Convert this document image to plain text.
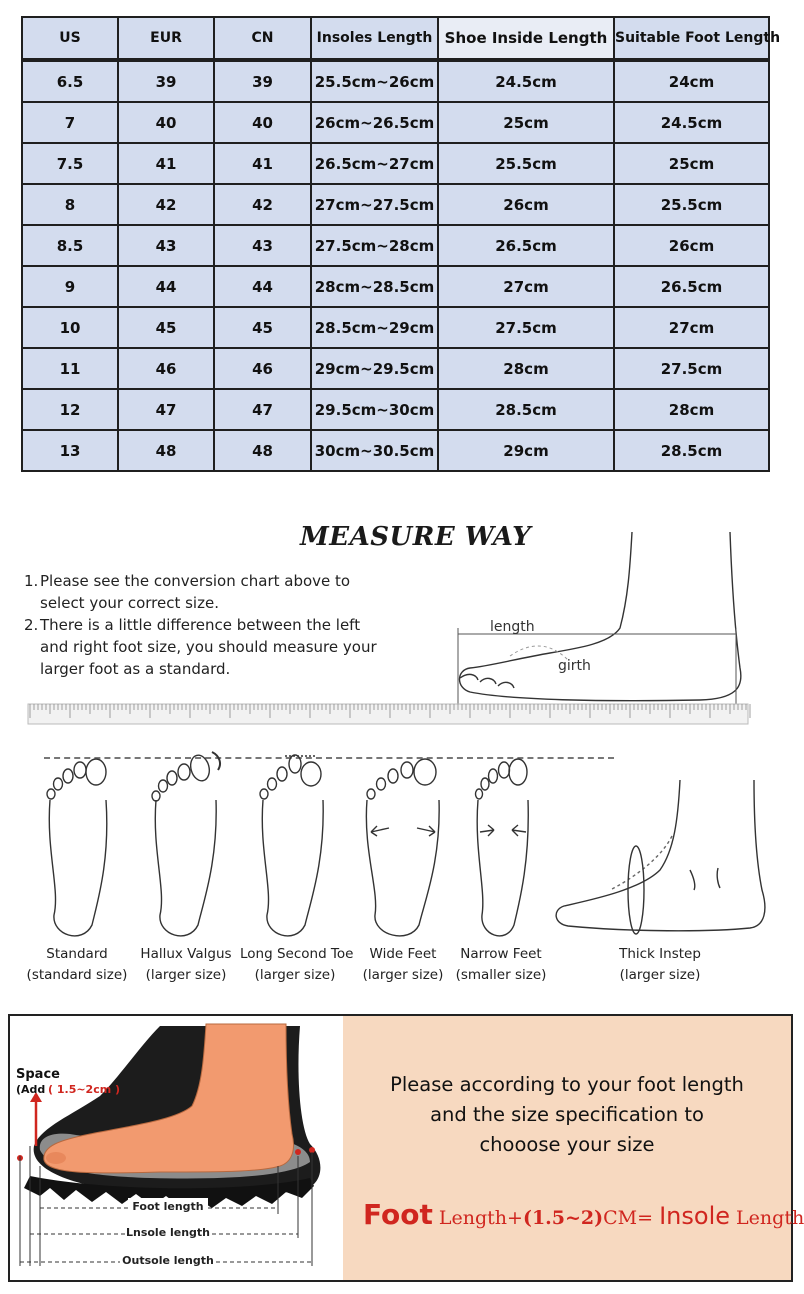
US	EUR	CN	Insoles Length	Shoe Inside Length	Suitable Foot Length
6.5	39	39	25.5cm~26cm	24.5cm	24cm
7	40	40	26cm~26.5cm	25cm	24.5cm
7.5	41	41	26.5cm~27cm	25.5cm	25cm
8	42	42	27cm~27.5cm	26cm	25.5cm
8.5	43	43	27.5cm~28cm	26.5cm	26cm
9	44	44	28cm~28.5cm	27cm	26.5cm
10	45	45	28.5cm~29cm	27.5cm	27cm
11	46	46	29cm~29.5cm	28cm	27.5cm
12	47	47	29.5cm~30cm	28.5cm	28cm
13	48	48	30cm~30.5cm	29cm	28.5cm
MEASURE WAY
1. Please see the conversion chart above to select your correct size.
2. There is a little difference between the left and right foot size, you should measure your larger foot as a standard.
length
girth
Standard
(standard size)
Hallux Valgus
(larger size)
Long Second Toe
(larger size)
Wide Feet
(larger size)
Narrow Feet
(smaller size)
Thick Instep
(larger size)
Foot length
Lnsole length
Outsole length
Space
(Add ( 1.5~2cm )	Please according to your foot length
and the size specification to
chooose your size
Foot Length+(1.5~2)CM= Insole Length
